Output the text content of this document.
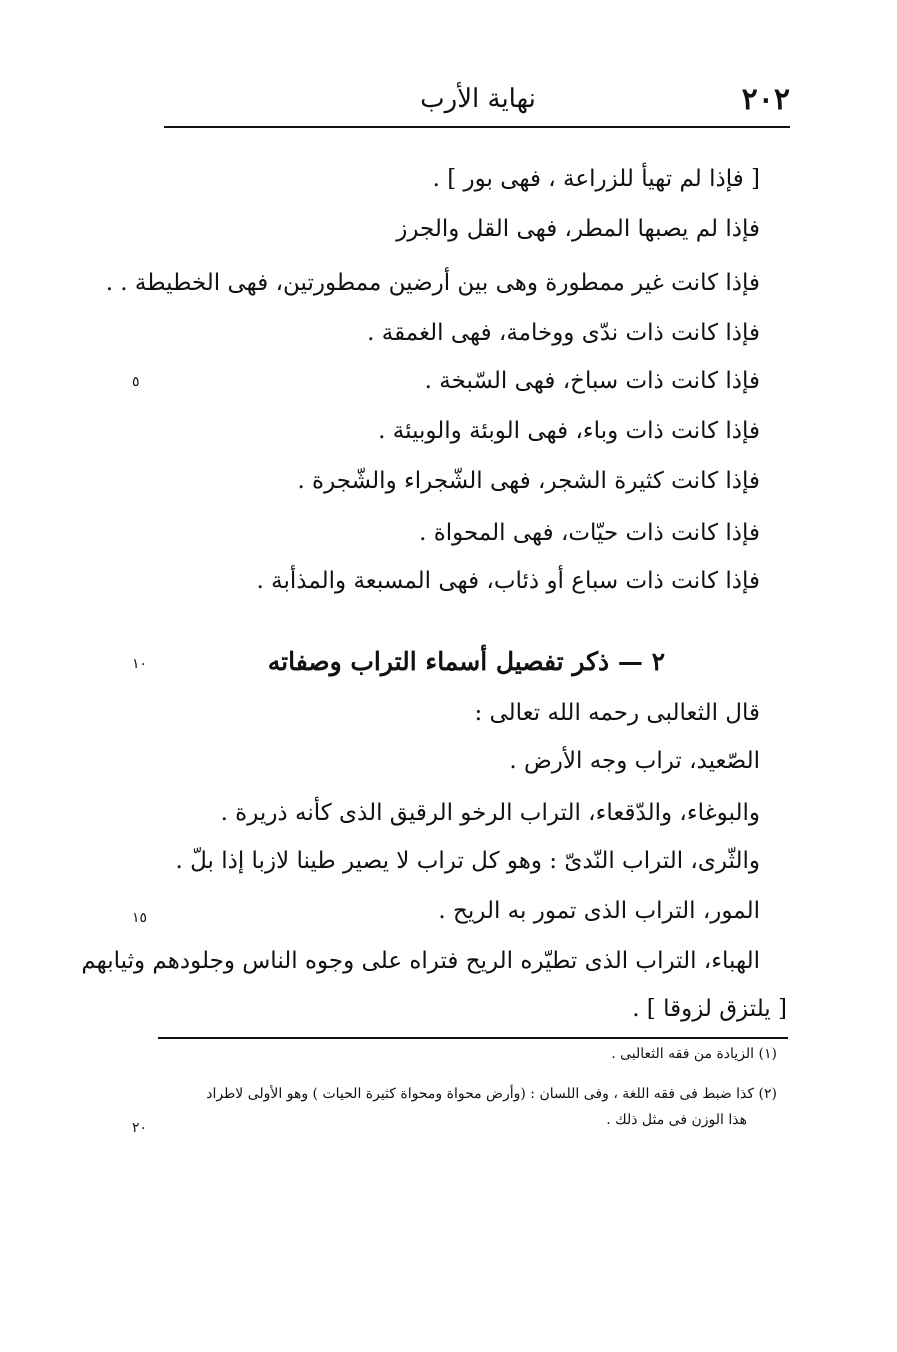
٢٠٢
نهاية الأرب
[ فإذا لم تهيأ للزراعة ، فهى بور ] .
فإذا لم يصبها المطر، فهى القل والجرز
فإذا كانت غير ممطورة وهى بين أرضين ممطورتين، فهى الخطيطة . .
فإذا كانت ذات ندّى ووخامة، فهى الغمقة .
فإذا كانت ذات سباخ، فهى السّبخة .
فإذا كانت ذات وباء، فهى الوبئة والوبيئة .
فإذا كانت كثيرة الشجر، فهى الشّجراء والشّجرة .
فإذا كانت ذات حيّات، فهى المحواة .
فإذا كانت ذات سباع أو ذئاب، فهى المسبعة والمذأبة .
٢ — ذكر تفصيل أسماء التراب وصفاته
قال الثعالبى رحمه الله تعالى :
الصّعيد، تراب وجه الأرض .
والبوغاء، والدّقعاء، التراب الرخو الرقيق الذى كأنه ذريرة .
والثّرى، التراب النّدىّ : وهو كل تراب لا يصير طينا لازبا إذا بلّ .
المور، التراب الذى تمور به الريح .
الهباء، التراب الذى تطيّره الريح فتراه على وجوه الناس وجلودهم وثيابهم
[ يلتزق لزوقا ] .
٥
١٠
١٥
٢٠
(١) الزيادة من فقه الثعالبى .
(٢) كذا ضبط فى فقه اللغة ، وفى اللسان : (وأرض محواة ومحواة كثيرة الحيات ) وهو الأولى لاطراد
هذا الوزن فى مثل ذلك .
